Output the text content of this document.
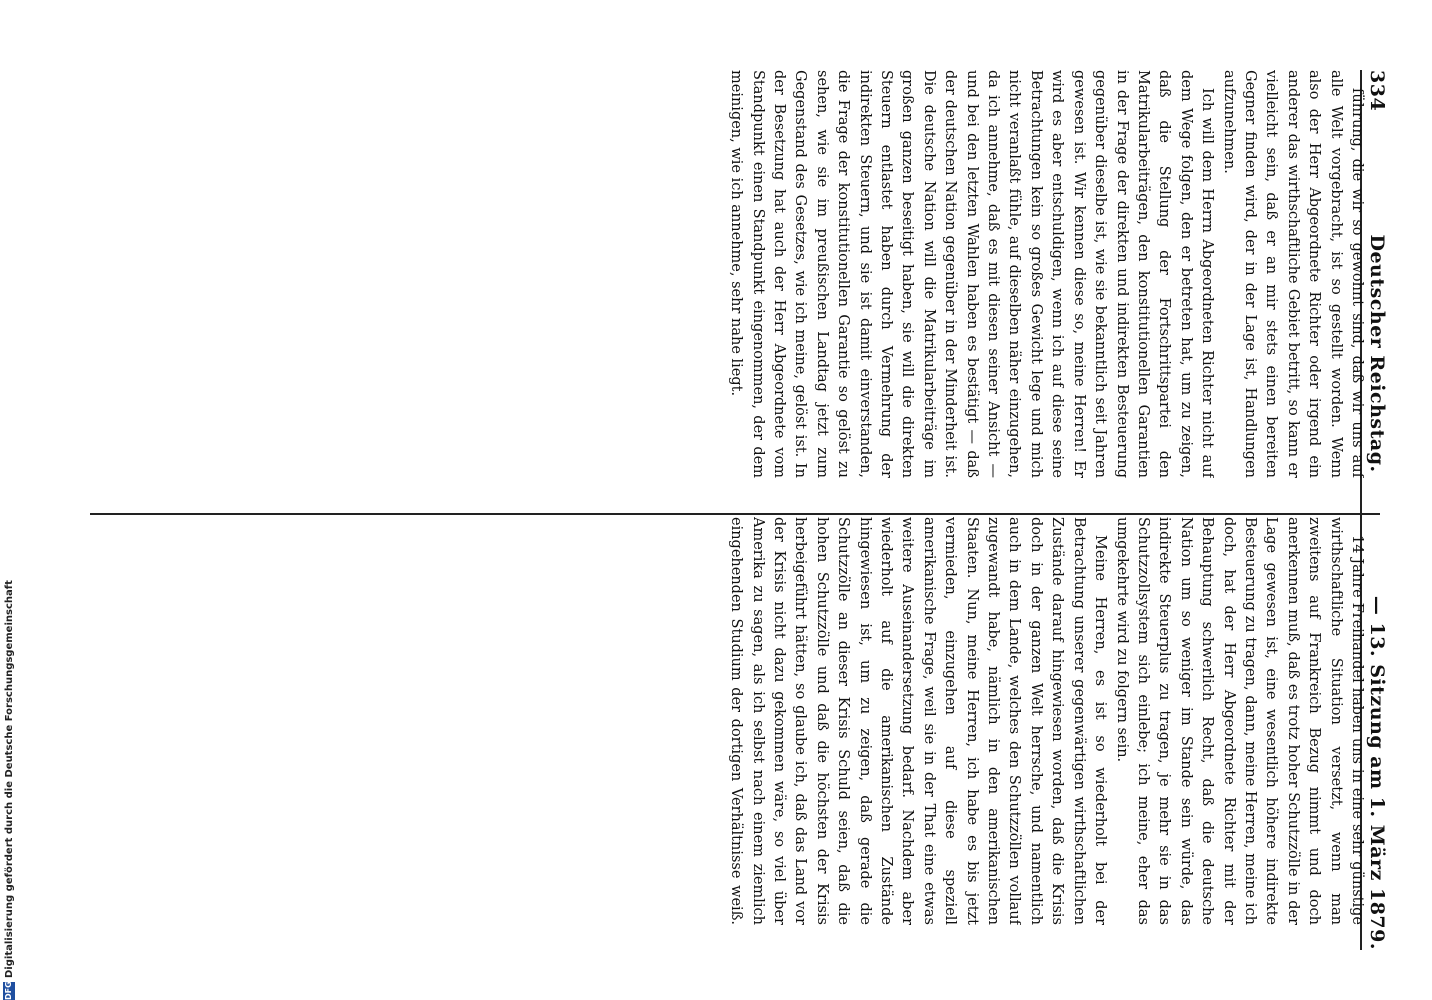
334
Deutscher Reichstag.
— 13. Sitzung am 1. März 1879.

führung, die wir so gewohnt sind, daß wir uns auf alle Welt vorgebracht, ist so gestellt worden. Wenn also der Herr Abgeordnete Richter oder irgend ein anderer das wirthschaftliche Gebiet betritt, so kann er vielleicht sein, daß er an mir stets einen bereiten Gegner finden wird, der in der Lage ist, Handlungen aufzunehmen.

Ich will dem Herrn Abgeordneten Richter nicht auf dem Wege folgen, den er betreten hat, um zu zeigen, daß die Stellung der Fortschrittspartei den Matrikularbeiträgen, den konstitutionellen Garantien in der Frage der direkten und indirekten Besteuerung gegenüber dieselbe ist, wie sie bekanntlich seit Jahren gewesen ist. Wir kennen diese so, meine Herren! Er wird es aber entschuldigen, wenn ich auf diese seine Betrachtungen kein so großes Gewicht lege und mich nicht veranlaßt fühle, auf dieselben näher einzugehen, da ich annehme, daß es mit diesen seiner Ansicht — und bei den letzten Wahlen haben es bestätigt — daß der deutschen Nation gegenüber in der Minderheit ist. Die deutsche Nation will die Matrikularbeiträge im großen ganzen beseitigt haben, sie will die direkten Steuern entlastet haben durch Vermehrung der indirekten Steuern, und sie ist damit einverstanden, die Frage der konstitutionellen Garantie so gelöst zu sehen, wie sie im preußischen Landtag jetzt zum Gegenstand des Gesetzes, wie ich meine, gelöst ist. In der Besetzung hat auch der Herr Abgeordnete vom Standpunkt einen Standpunkt eingenommen, der dem meinigen, wie ich annehme, sehr nahe liegt.

14 Jahre Freihandel haben uns in eine sehr günstige wirthschaftliche Situation versetzt, wenn man zweitens auf Frankreich Bezug nimmt und doch anerkennen muß, daß es trotz hoher Schutzzölle in der Lage gewesen ist, eine wesentlich höhere indirekte Besteuerung zu tragen, dann, meine Herren, meine ich doch, hat der Herr Abgeordnete Richter mit der Behauptung schwerlich Recht, daß die deutsche Nation um so weniger im Stande sein würde, das indirekte Steuerplus zu tragen, je mehr sie in das Schutzzollsystem sich einlebe; ich meine, eher das umgekehrte wird zu folgern sein.

Meine Herren, es ist so wiederholt bei der Betrachtung unserer gegenwärtigen wirthschaftlichen Zustände darauf hingewiesen worden, daß die Krisis doch in der ganzen Welt herrsche, und namentlich auch in dem Lande, welches den Schutzzöllen vollauf zugewandt habe, nämlich in den amerikanischen Staaten. Nun, meine Herren, ich habe es bis jetzt vermieden, einzugehen auf diese speziell amerikanische Frage, weil sie in der That eine etwas weitere Auseinandersetzung bedarf. Nachdem aber wiederholt auf die amerikanischen Zustände hingewiesen ist, um zu zeigen, daß gerade die Schutzzölle an dieser Krisis Schuld seien, daß die hohen Schutzzölle und daß die höchsten der Krisis herbeigeführt hätten, so glaube ich, daß das Land vor der Krisis nicht dazu gekommen wäre, so viel über Amerika zu sagen, als ich selbst nach einem ziemlich eingehenden Studium der dortigen Verhältnisse weiß.

DFG
Digitalisierung gefördert durch die Deutsche Forschungsgemeinschaft
